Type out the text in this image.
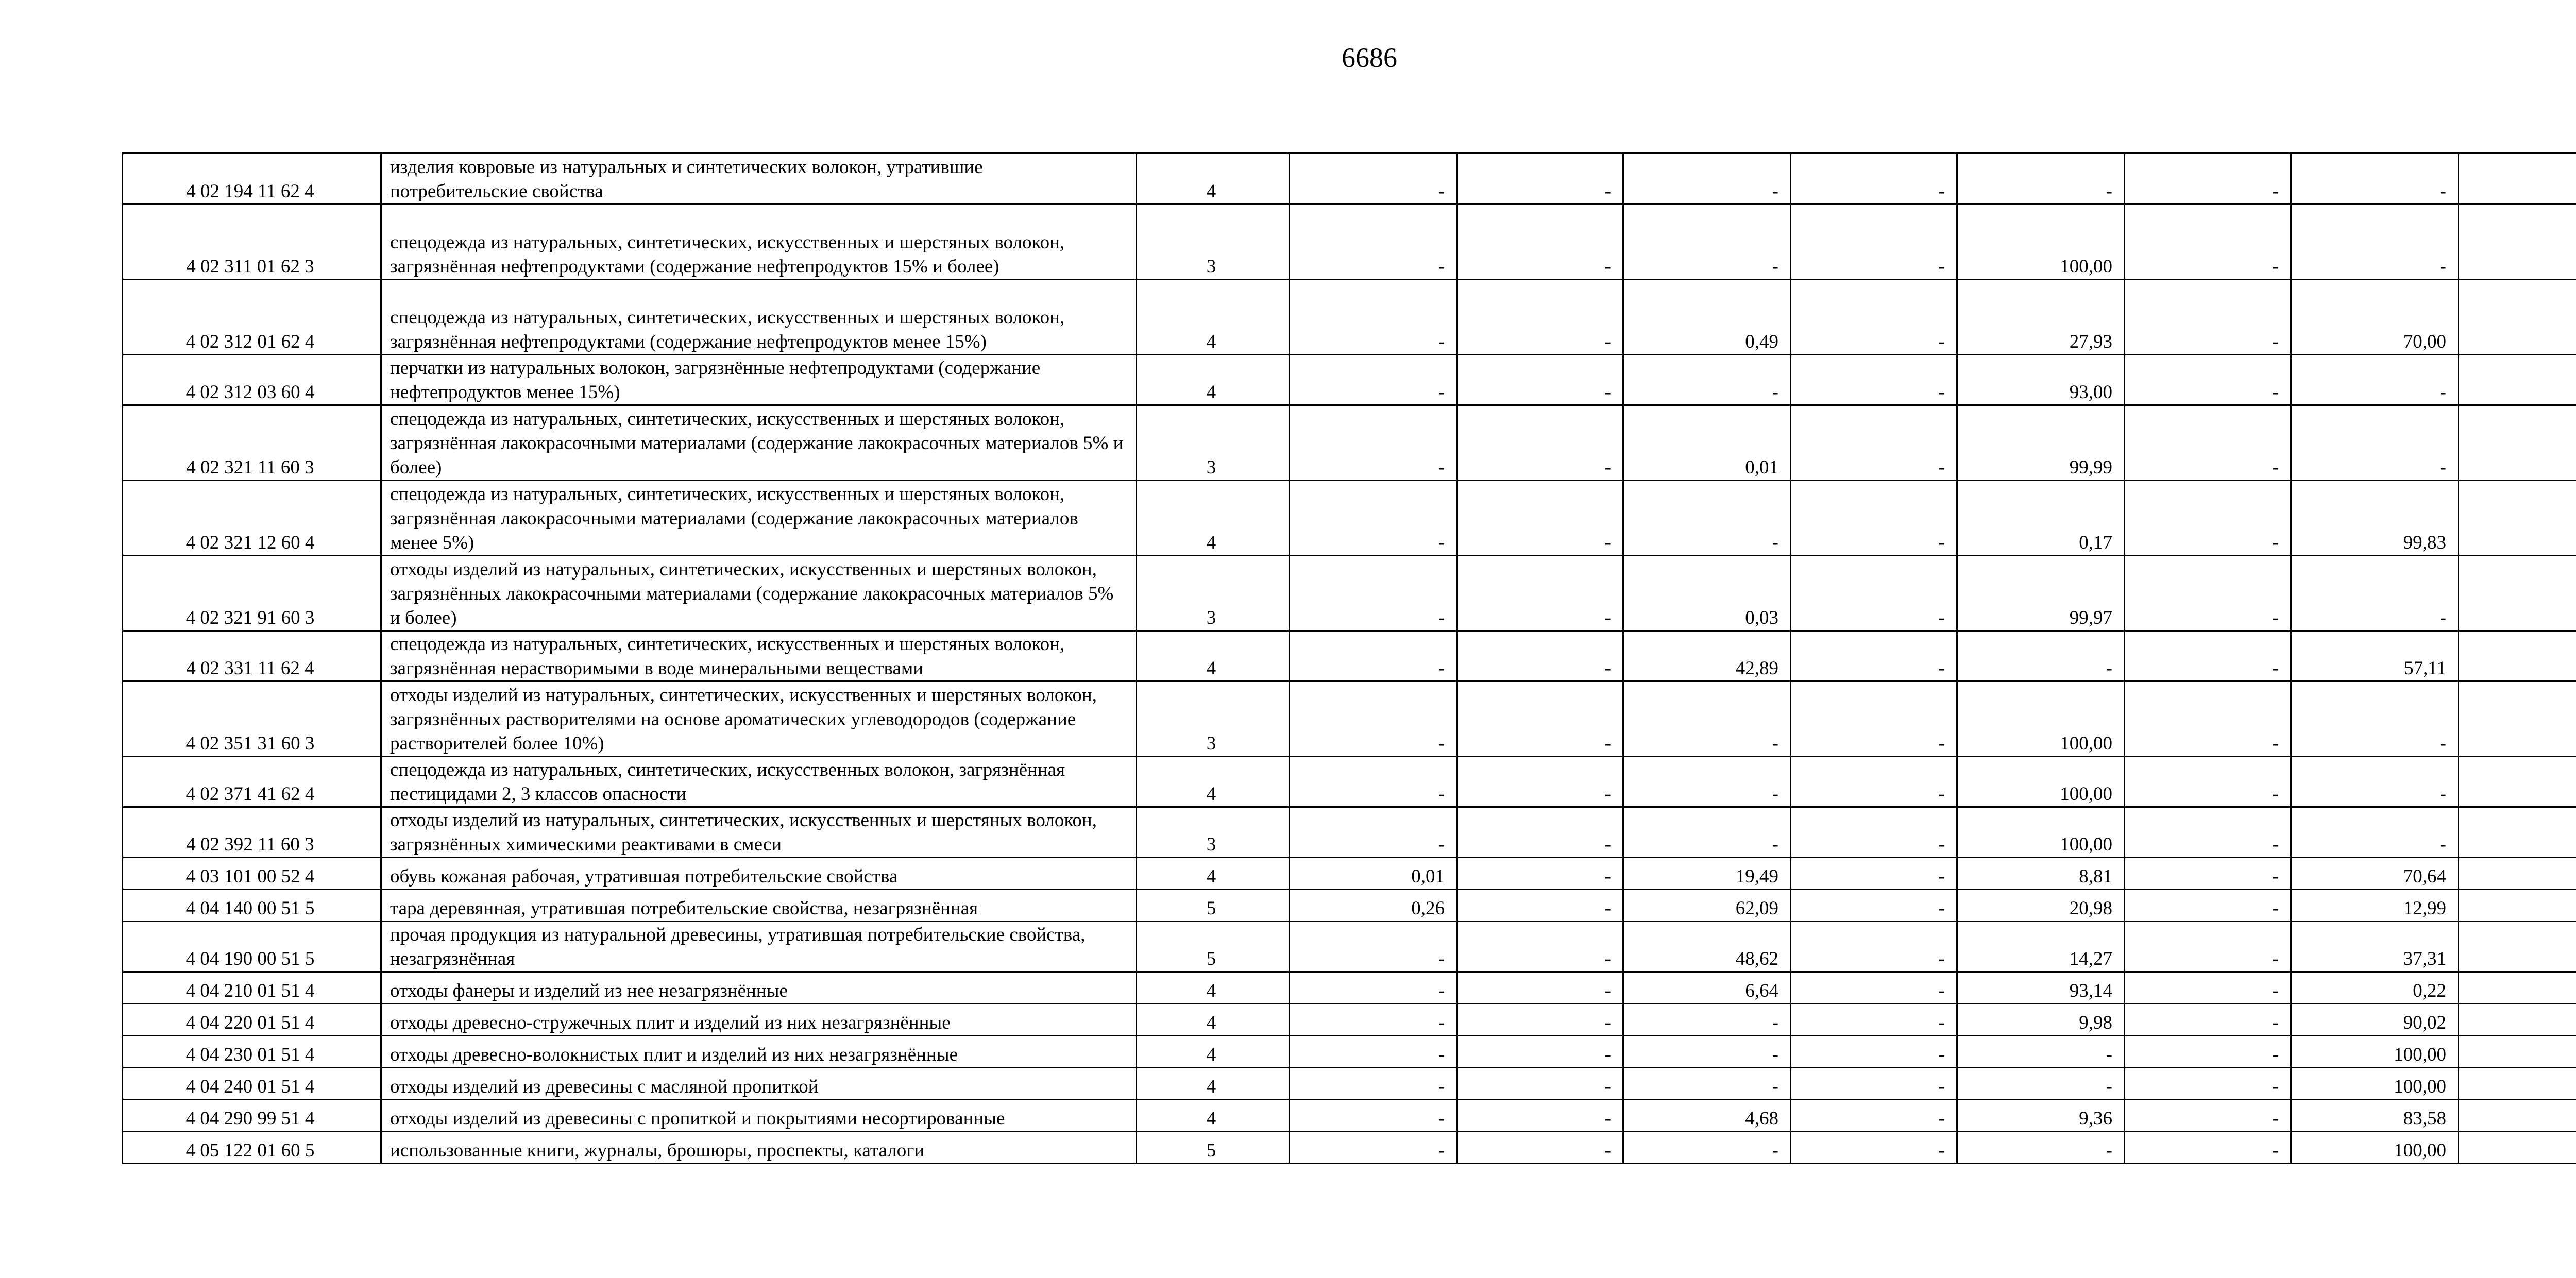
6686
4 02 194 11 62 4	изделия ковровые из натуральных и синтетических волокон, утратившие потребительские свойства	4	-	-	-	-	-	-	-	
4 02 311 01 62 3	спецодежда из натуральных, синтетических, искусственных и шерстяных волокон, загрязнённая нефтепродуктами (содержание нефтепродуктов 15% и более)	3	-	-	-	-	100,00	-	-	
4 02 312 01 62 4	спецодежда из натуральных, синтетических, искусственных и шерстяных волокон, загрязнённая нефтепродуктами (содержание нефтепродуктов менее 15%)	4	-	-	0,49	-	27,93	-	70,00	
4 02 312 03 60 4	перчатки из натуральных волокон, загрязнённые нефтепродуктами (содержание нефтепродуктов менее 15%)	4	-	-	-	-	93,00	-	-	
4 02 321 11 60 3	спецодежда из натуральных, синтетических, искусственных и шерстяных волокон, загрязнённая лакокрасочными материалами (содержание лакокрасочных материалов 5% и более)	3	-	-	0,01	-	99,99	-	-	
4 02 321 12 60 4	спецодежда из натуральных, синтетических, искусственных и шерстяных волокон, загрязнённая лакокрасочными материалами (содержание лакокрасочных материалов менее 5%)	4	-	-	-	-	0,17	-	99,83	
4 02 321 91 60 3	отходы изделий из натуральных, синтетических, искусственных и шерстяных волокон, загрязнённых лакокрасочными материалами (содержание лакокрасочных материалов 5% и более)	3	-	-	0,03	-	99,97	-	-	
4 02 331 11 62 4	спецодежда из натуральных, синтетических, искусственных и шерстяных волокон, загрязнённая нерастворимыми в воде минеральными веществами	4	-	-	42,89	-	-	-	57,11	
4 02 351 31 60 3	отходы изделий из натуральных, синтетических, искусственных и шерстяных волокон, загрязнённых растворителями на основе ароматических углеводородов (содержание растворителей более 10%)	3	-	-	-	-	100,00	-	-	
4 02 371 41 62 4	спецодежда из натуральных, синтетических, искусственных волокон, загрязнённая пестицидами 2, 3 классов опасности	4	-	-	-	-	100,00	-	-	
4 02 392 11 60 3	отходы изделий из натуральных, синтетических, искусственных и шерстяных волокон, загрязнённых химическими реактивами в смеси	3	-	-	-	-	100,00	-	-	
4 03 101 00 52 4	обувь кожаная рабочая, утратившая потребительские свойства	4	0,01	-	19,49	-	8,81	-	70,64	
4 04 140 00 51 5	тара деревянная, утратившая потребительские свойства, незагрязнённая	5	0,26	-	62,09	-	20,98	-	12,99	
4 04 190 00 51 5	прочая продукция из натуральной древесины, утратившая потребительские свойства, незагрязнённая	5	-	-	48,62	-	14,27	-	37,31	
4 04 210 01 51 4	отходы фанеры и изделий из нее незагрязнённые	4	-	-	6,64	-	93,14	-	0,22	
4 04 220 01 51 4	отходы древесно-стружечных плит и изделий из них незагрязнённые	4	-	-	-	-	9,98	-	90,02	
4 04 230 01 51 4	отходы древесно-волокнистых плит и изделий из них незагрязнённые	4	-	-	-	-	-	-	100,00	
4 04 240 01 51 4	отходы изделий из древесины с масляной пропиткой	4	-	-	-	-	-	-	100,00	
4 04 290 99 51 4	отходы изделий из древесины с пропиткой и покрытиями несортированные	4	-	-	4,68	-	9,36	-	83,58	
4 05 122 01 60 5	использованные книги, журналы, брошюры, проспекты, каталоги	5	-	-	-	-	-	-	100,00	
